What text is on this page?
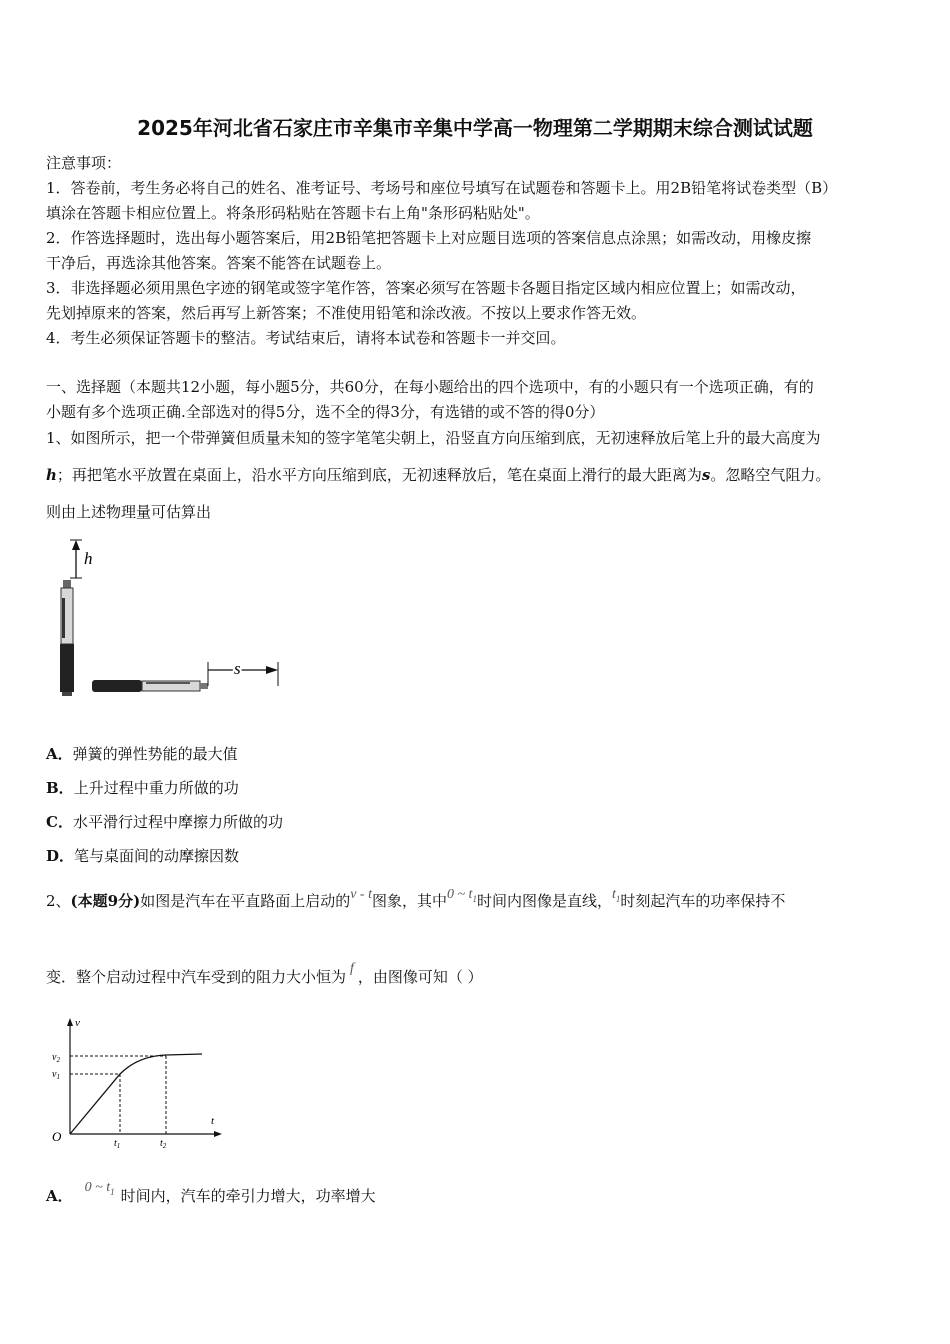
2025年河北省石家庄市辛集市辛集中学高一物理第二学期期末综合测试试题
注意事项：
1．答卷前，考生务必将自己的姓名、准考证号、考场号和座位号填写在试题卷和答题卡上。用2B铅笔将试卷类型（B）
填涂在答题卡相应位置上。将条形码粘贴在答题卡右上角"条形码粘贴处"。
2．作答选择题时，选出每小题答案后，用2B铅笔把答题卡上对应题目选项的答案信息点涂黑；如需改动，用橡皮擦
干净后，再选涂其他答案。答案不能答在试题卷上。
3．非选择题必须用黑色字迹的钢笔或签字笔作答，答案必须写在答题卡各题目指定区域内相应位置上；如需改动，
先划掉原来的答案，然后再写上新答案；不准使用铅笔和涂改液。不按以上要求作答无效。
4．考生必须保证答题卡的整洁。考试结束后，请将本试卷和答题卡一并交回。
一、选择题（本题共12小题，每小题5分，共60分，在每小题给出的四个选项中，有的小题只有一个选项正确，有的
小题有多个选项正确.全部选对的得5分，选不全的得3分，有选错的或不答的得0分）
1、如图所示，把一个带弹簧但质量未知的签字笔笔尖朝上，沿竖直方向压缩到底，无初速释放后笔上升的最大高度为
h；再把笔水平放置在桌面上，沿水平方向压缩到底，无初速释放后，笔在桌面上滑行的最大距离为s。忽略空气阻力。
则由上述物理量可估算出
h
s
A．弹簧的弹性势能的最大值
B．上升过程中重力所做的功
C．水平滑行过程中摩擦力所做的功
D．笔与桌面间的动摩擦因数
2、(本题9分)如图是汽车在平直路面上启动的v - t图象，其中0 ~ $t_1$时间内图像是直线，$t_1$时刻起汽车的功率保持不
变．整个启动过程中汽车受到的阻力大小恒为 f ，由图像可知（ ）
v
t
O
$v_2$
$v_1$
$t_1$	$t_2$
A． 0 ~ $t_1$ 时间内，汽车的牵引力增大，功率增大
